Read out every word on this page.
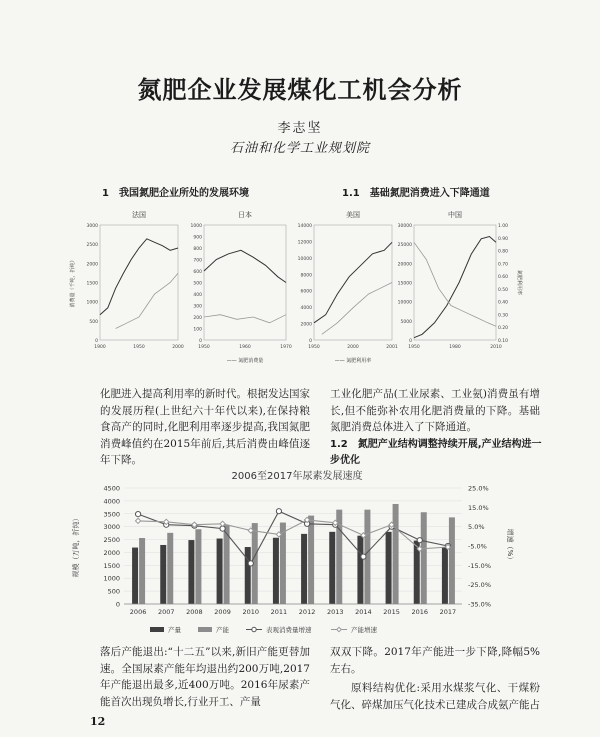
氮肥企业发展煤化工机会分析
李志坚
石油和化学工业规划院
1　我国氮肥企业所处的发展环境	1.1　基础氮肥消费进入下降通道
法国
3000
2500
2000
1500
1000
500
0
1900	1950	2000
消费量（千吨，折纯）
日本
1000
900
800
700
600
500
400
300
200
100
0
1950	1960	1970
—— 氮肥消费量
美国
14000
12000
10000
8000
6000
4000
2000
0
1950	2000	2001
—— 氮肥利用率
中国
30000
25000
20000
15000
10000
5000
0
1.00
0.90
0.80
0.70
0.60
0.50
0.40
0.30
0.20
0.10
1950	1980	2010
氮肥利用率
化肥进入提高利用率的新时代。根据发达国家的发展历程(上世纪六十年代以来),在保持粮食高产的同时,化肥利用率逐步提高,我国氮肥消费峰值约在2015年前后,其后消费由峰值逐年下降。
工业化肥产品(工业尿素、工业氨)消费虽有增长,但不能弥补农用化肥消费量的下降。基础氮肥消费总体进入了下降通道。
1.2　氮肥产业结构调整持续开展,产业结构进一步优化
2006至2017年尿素发展速度
4500
4000
3500
3000
2500
2000
1500
1000
500
0
25.0%
15.0%
5.0%
-5.0%
-15.0%
-25.0%
-35.0%
2006 2007 2008 2009 2010 2011 2012 2013 2014 2015 2016 2017
规模（万吨，折纯）	增速（%）
产量	产能	表观消费量增速	产能增速
落后产能退出:“十二五”以来,新旧产能更替加速。全国尿素产能年均退出约200万吨,2017年产能退出最多,近400万吨。2016年尿素产能首次出现负增长,行业开工、产量
双双下降。2017年产能进一步下降,降幅5%左右。
原料结构优化:采用水煤浆气化、干煤粉气化、碎煤加压气化技术已建成合成氨产能占
12
